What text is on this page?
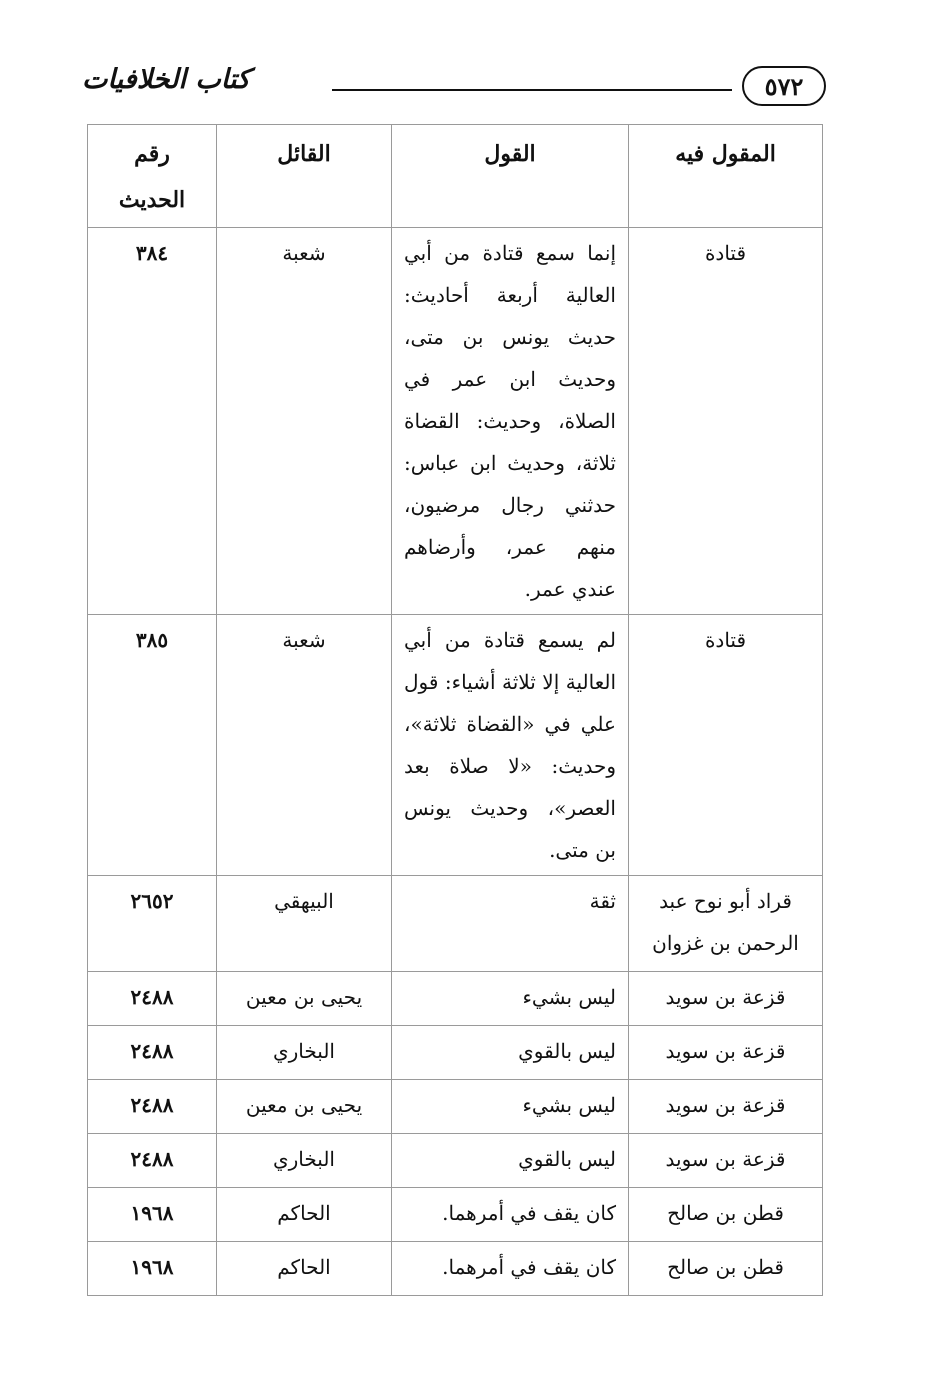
٥٧٢
كتاب الخلافيات
المقول فيه	القول	القائل	رقم الحديث
قتادة	إنما سمع قتادة من أبي العالية أربعة أحاديث: حديث يونس بن متى، وحديث ابن عمر في الصلاة، وحديث: القضاة ثلاثة، وحديث ابن عباس: حدثني رجال مرضيون، منهم عمر، وأرضاهم عندي عمر.	شعبة	٣٨٤
قتادة	لم يسمع قتادة من أبي العالية إلا ثلاثة أشياء: قول علي في «القضاة ثلاثة»، وحديث: «لا صلاة بعد العصر»، وحديث يونس بن متى.	شعبة	٣٨٥
قراد أبو نوح عبد الرحمن بن غزوان	ثقة	البيهقي	٢٦٥٢
قزعة بن سويد	ليس بشيء	يحيى بن معين	٢٤٨٨
قزعة بن سويد	ليس بالقوي	البخاري	٢٤٨٨
قزعة بن سويد	ليس بشيء	يحيى بن معين	٢٤٨٨
قزعة بن سويد	ليس بالقوي	البخاري	٢٤٨٨
قطن بن صالح	كان يقف في أمرهما.	الحاكم	١٩٦٨
قطن بن صالح	كان يقف في أمرهما.	الحاكم	١٩٦٨
